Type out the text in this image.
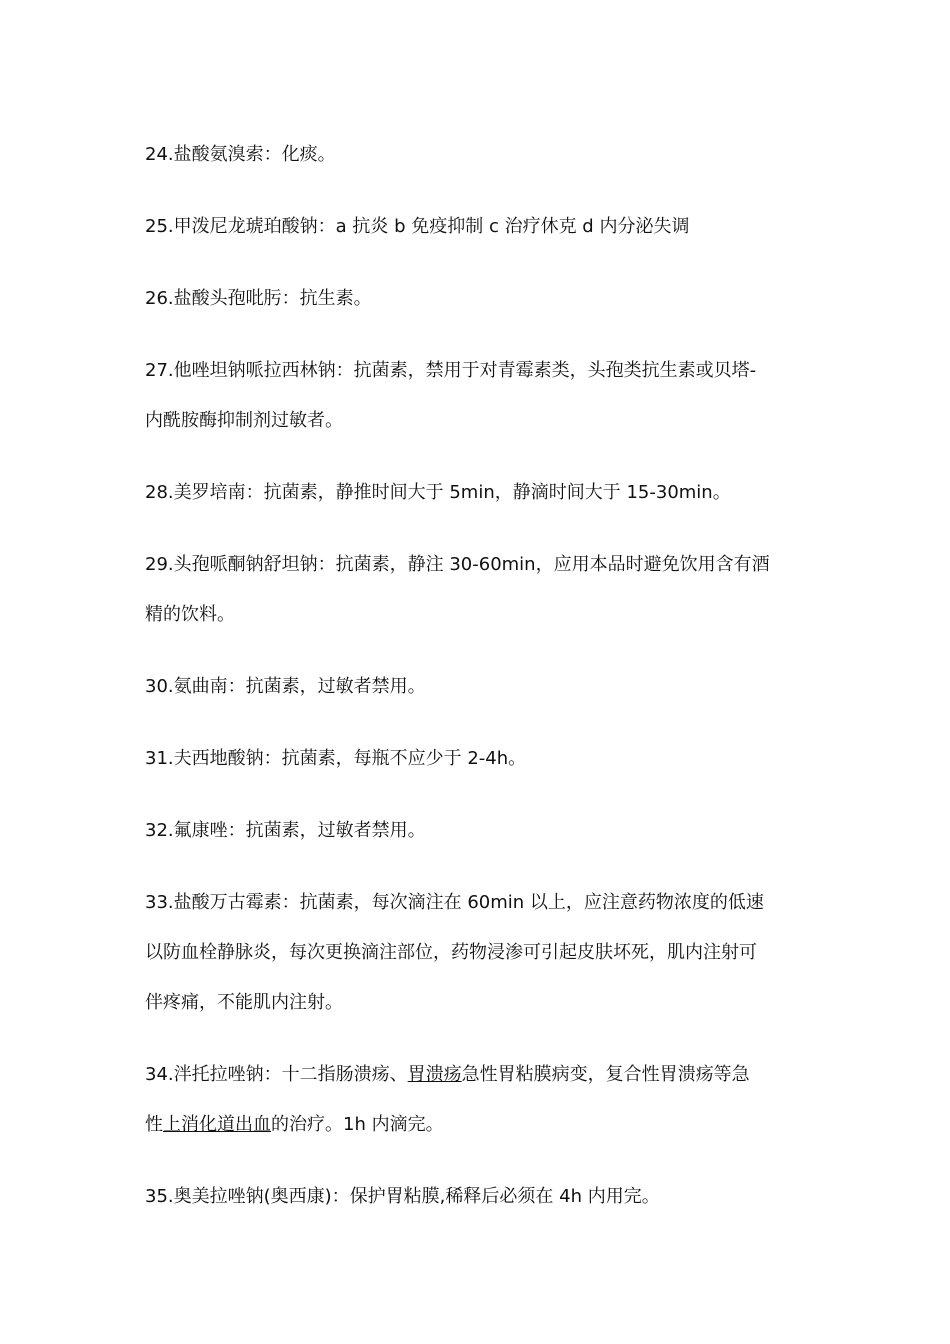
24.盐酸氨溴索：化痰。
25.甲泼尼龙琥珀酸钠：a 抗炎 b 免疫抑制 c 治疗休克 d 内分泌失调
26.盐酸头孢吡肟：抗生素。
27.他唑坦钠哌拉西林钠：抗菌素，禁用于对青霉素类，头孢类抗生素或贝塔-
内酰胺酶抑制剂过敏者。
28.美罗培南：抗菌素，静推时间大于 5min，静滴时间大于 15-30min。
29.头孢哌酮钠舒坦钠：抗菌素，静注 30-60min，应用本品时避免饮用含有酒
精的饮料。
30.氨曲南：抗菌素，过敏者禁用。
31.夫西地酸钠：抗菌素，每瓶不应少于 2-4h。
32.氟康唑：抗菌素，过敏者禁用。
33.盐酸万古霉素：抗菌素，每次滴注在 60min 以上，应注意药物浓度的低速
以防血栓静脉炎，每次更换滴注部位，药物浸渗可引起皮肤坏死，肌内注射可
伴疼痛，不能肌内注射。
34.泮托拉唑钠：十二指肠溃疡、胃溃疡急性胃粘膜病变，复合性胃溃疡等急
性上消化道出血的治疗。1h 内滴完。
35.奥美拉唑钠(奥西康)：保护胃粘膜,稀释后必须在 4h 内用完。
